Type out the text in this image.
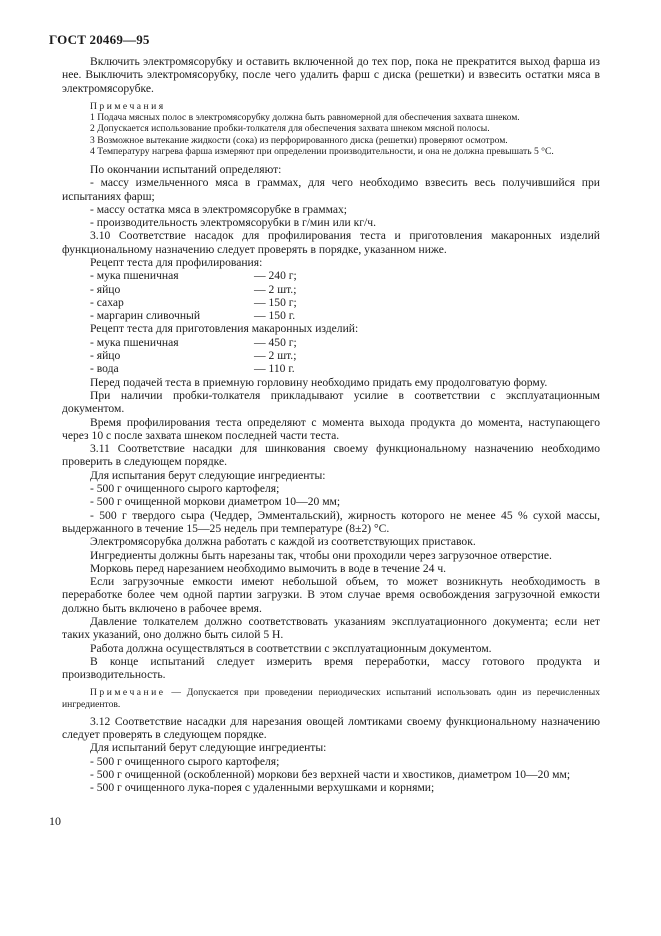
ГОСТ 20469—95

Включить электромясорубку и оставить включенной до тех пор, пока не прекратится выход фарша из нее. Выключить электромясорубку, после чего удалить фарш с диска (решетки) и взвесить остатки мяса в электромясорубке.

Примечания

1 Подача мясных полос в электромясорубку должна быть равномерной для обеспечения захвата шнеком.

2 Допускается использование пробки-толкателя для обеспечения захвата шнеком мясной полосы.

3 Возможное вытекание жидкости (сока) из перфорированного диска (решетки) проверяют осмотром.

4 Температуру нагрева фарша измеряют при определении производительности, и она не должна превышать 5 °С.

По окончании испытаний определяют:

- массу измельченного мяса в граммах, для чего необходимо взвесить весь получившийся при испытаниях фарш;

- массу остатка мяса в электромясорубке в граммах;

- производительность электромясорубки в г/мин или кг/ч.

3.10 Соответствие насадок для профилирования теста и приготовления макаронных изделий функциональному назначению следует проверять в порядке, указанном ниже.

Рецепт теста для профилирования:

- мука пшеничная	— 240 г;
- яйцо	— 2 шт.;
- сахар	— 150 г;
- маргарин сливочный	— 150 г.

Рецепт теста для приготовления макаронных изделий:

- мука пшеничная	— 450 г;
- яйцо	— 2 шт.;
- вода	— 110 г.

Перед подачей теста в приемную горловину необходимо придать ему продолговатую форму.

При наличии пробки-толкателя прикладывают усилие в соответствии с эксплуатационным документом.

Время профилирования теста определяют с момента выхода продукта до момента, наступающего через 10 с после захвата шнеком последней части теста.

3.11 Соответствие насадки для шинкования своему функциональному назначению необходимо проверить в следующем порядке.

Для испытания берут следующие ингредиенты:

- 500 г очищенного сырого картофеля;

- 500 г очищенной моркови диаметром 10—20 мм;

- 500 г твердого сыра (Чеддер, Эмментальский), жирность которого не менее 45 % сухой массы, выдержанного в течение 15—25 недель при температуре (8±2) °С.

Электромясорубка должна работать с каждой из соответствующих приставок.

Ингредиенты должны быть нарезаны так, чтобы они проходили через загрузочное отверстие.

Морковь перед нарезанием необходимо вымочить в воде в течение 24 ч.

Если загрузочные емкости имеют небольшой объем, то может возникнуть необходимость в переработке более чем одной партии загрузки. В этом случае время освобождения загрузочной емкости должно быть включено в рабочее время.

Давление толкателем должно соответствовать указаниям эксплуатационного документа; если нет таких указаний, оно должно быть силой 5 Н.

Работа должна осуществляться в соответствии с эксплуатационным документом.

В конце испытаний следует измерить время переработки, массу готового продукта и производительность.

Примечание — Допускается при проведении периодических испытаний использовать один из перечисленных ингредиентов.

3.12 Соответствие насадки для нарезания овощей ломтиками своему функциональному назначению следует проверять в следующем порядке.

Для испытаний берут следующие ингредиенты:

- 500 г очищенного сырого картофеля;

- 500 г очищенной (оскобленной) моркови без верхней части и хвостиков, диаметром 10—20 мм;

- 500 г очищенного лука-порея с удаленными верхушками и корнями;

10
